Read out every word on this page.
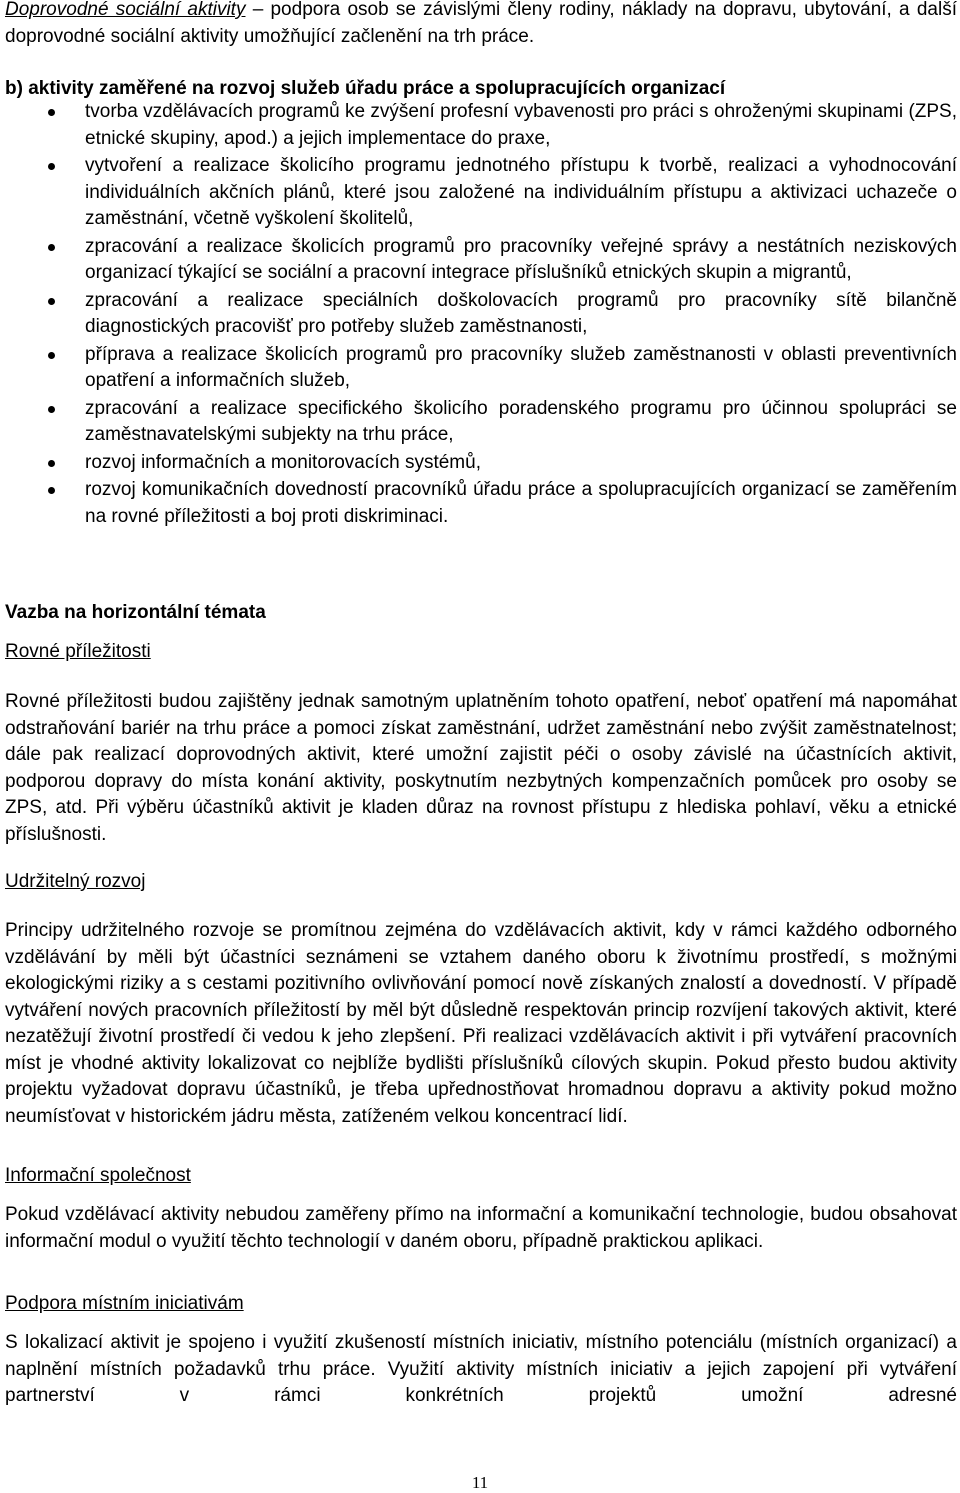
Doprovodné sociální aktivity – podpora osob se závislými členy rodiny, náklady na dopravu, ubytování, a další doprovodné sociální aktivity umožňující začlenění na trh práce.

b) aktivity zaměřené na rozvoj služeb úřadu práce a spolupracujících organizací
tvorba vzdělávacích programů ke zvýšení profesní vybavenosti pro práci s ohroženými skupinami (ZPS, etnické skupiny, apod.) a jejich implementace do praxe,
vytvoření a realizace školicího programu jednotného přístupu k tvorbě, realizaci a vyhodnocování individuálních akčních plánů, které jsou založené na individuálním přístupu a aktivizaci uchazeče o zaměstnání, včetně vyškolení školitelů,
zpracování a realizace školicích programů pro pracovníky veřejné správy a nestátních neziskových organizací týkající se sociální a pracovní integrace příslušníků etnických skupin a migrantů,
zpracování a realizace speciálních doškolovacích programů pro pracovníky sítě bilančně diagnostických pracovišť pro potřeby služeb zaměstnanosti,
příprava a realizace školicích programů pro pracovníky služeb zaměstnanosti v oblasti preventivních opatření a informačních služeb,
zpracování a realizace specifického školicího poradenského programu pro účinnou spolupráci se zaměstnavatelskými subjekty na trhu práce,
rozvoj informačních a monitorovacích systémů,
rozvoj komunikačních dovedností pracovníků úřadu práce a spolupracujících organizací se zaměřením na rovné příležitosti a boj proti diskriminaci.
Vazba na horizontální témata
Rovné příležitosti

Rovné příležitosti budou zajištěny jednak samotným uplatněním tohoto opatření, neboť opatření má napomáhat odstraňování bariér na trhu práce a pomoci získat zaměstnání, udržet zaměstnání nebo zvýšit zaměstnatelnost; dále pak realizací doprovodných aktivit, které umožní zajistit péči o osoby závislé na účastnících aktivit, podporou dopravy do místa konání aktivity, poskytnutím nezbytných kompenzačních pomůcek pro osoby se ZPS, atd. Při výběru účastníků aktivit je kladen důraz na rovnost přístupu z hlediska pohlaví, věku a etnické příslušnosti.

Udržitelný rozvoj

Principy udržitelného rozvoje se promítnou zejména do vzdělávacích aktivit, kdy v rámci každého odborného vzdělávání by měli být účastníci seznámeni se vztahem daného oboru k životnímu prostředí, s možnými ekologickými riziky a s cestami pozitivního ovlivňování pomocí nově získaných znalostí a dovedností. V případě vytváření nových pracovních příležitostí by měl být důsledně respektován princip rozvíjení takových aktivit, které nezatěžují životní prostředí či vedou k jeho zlepšení. Při realizaci vzdělávacích aktivit i při vytváření pracovních míst je vhodné aktivity lokalizovat co nejblíže bydlišti příslušníků cílových skupin. Pokud přesto budou aktivity projektu vyžadovat dopravu účastníků, je třeba upřednostňovat hromadnou dopravu a aktivity pokud možno neumísťovat v historickém jádru města, zatíženém velkou koncentrací lidí.

Informační společnost

Pokud vzdělávací aktivity nebudou zaměřeny přímo na informační a komunikační technologie, budou obsahovat informační modul o využití těchto technologií v daném oboru, případně praktickou aplikaci.

Podpora místním iniciativám

S lokalizací aktivit je spojeno i využití zkušeností místních iniciativ, místního potenciálu (místních organizací) a naplnění místních požadavků trhu práce. Využití aktivity místních iniciativ a jejich zapojení při vytváření partnerství v rámci konkrétních projektů umožní adresné

11
